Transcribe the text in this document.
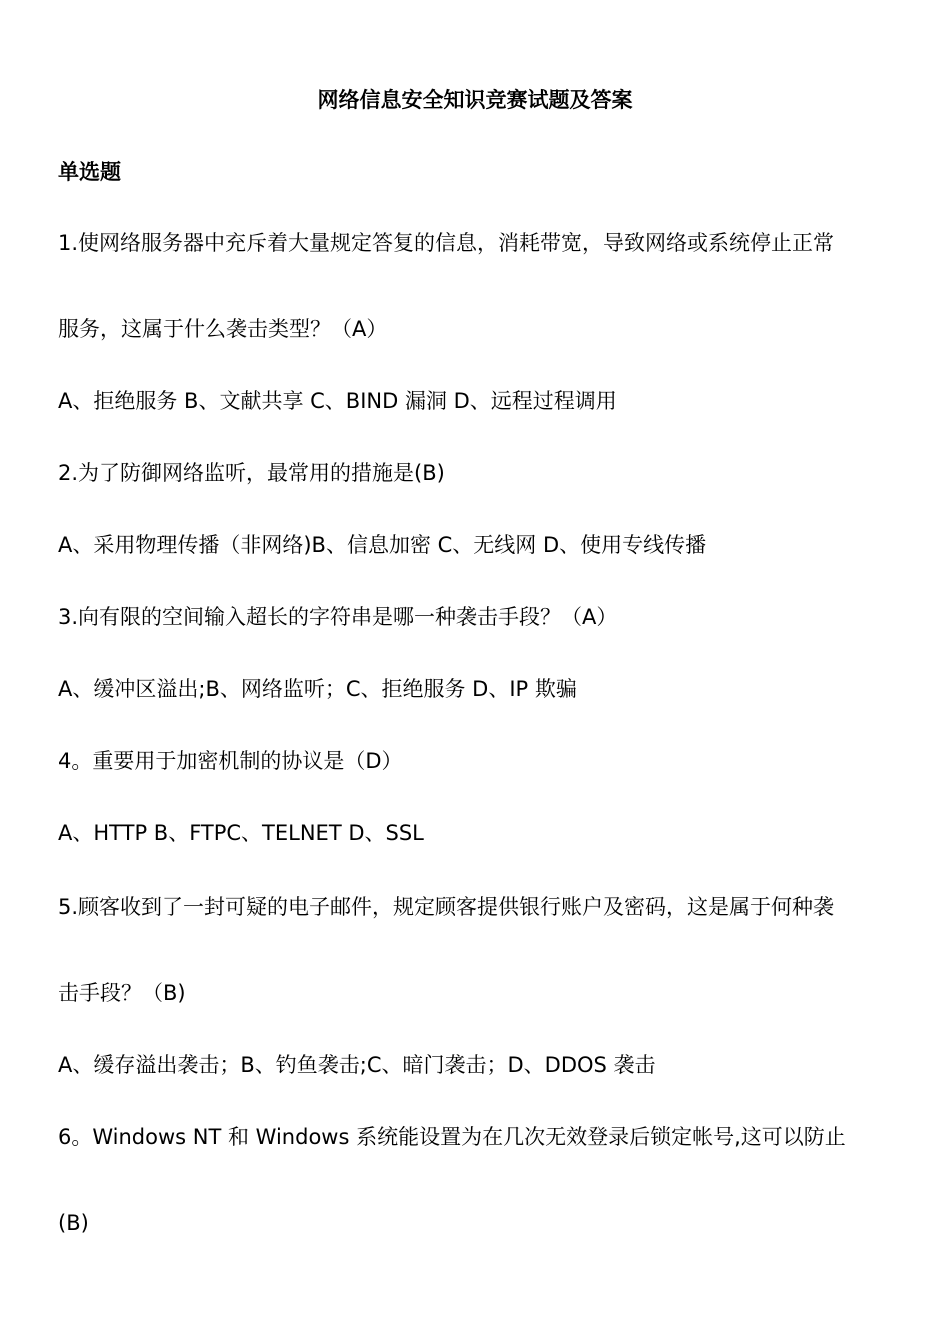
网络信息安全知识竞赛试题及答案
单选题
1.使网络服务器中充斥着大量规定答复的信息，消耗带宽，导致网络或系统停止正常
服务，这属于什么袭击类型？（A）
A、拒绝服务 B、文献共享 C、BIND 漏洞 D、远程过程调用
2.为了防御网络监听，最常用的措施是(B)
A、采用物理传播（非网络)B、信息加密 C、无线网 D、使用专线传播
3.向有限的空间输入超长的字符串是哪一种袭击手段？（A）
A、缓冲区溢出;B、网络监听；C、拒绝服务 D、IP 欺骗
4。重要用于加密机制的协议是（D）
A、HTTP B、FTPC、TELNET D、SSL
5.顾客收到了一封可疑的电子邮件，规定顾客提供银行账户及密码，这是属于何种袭
击手段？（B)
A、缓存溢出袭击；B、钓鱼袭击;C、暗门袭击；D、DDOS 袭击
6。Windows NT 和 Windows 系统能设置为在几次无效登录后锁定帐号,这可以防止
(B)
